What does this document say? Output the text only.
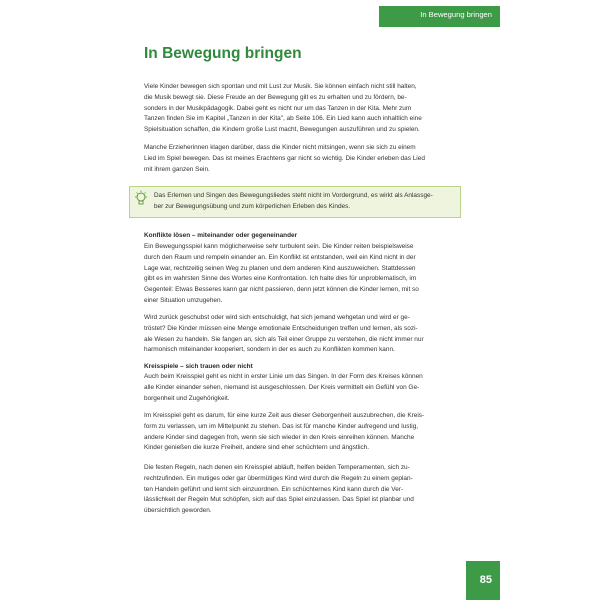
In Bewegung bringen
In Bewegung bringen
Viele Kinder bewegen sich spontan und mit Lust zur Musik. Sie können einfach nicht still halten,
die Musik bewegt sie. Diese Freude an der Bewegung gilt es zu erhalten und zu fördern, be-
sonders in der Musikpädagogik. Dabei geht es nicht nur um das Tanzen in der Kita. Mehr zum
Tanzen finden Sie im Kapitel „Tanzen in der Kita", ab Seite 106. Ein Lied kann auch inhaltlich eine
Spielsituation schaffen, die Kindern große Lust macht, Bewegungen auszuführen und zu spielen.
Manche Erzieherinnen klagen darüber, dass die Kinder nicht mitsingen, wenn sie sich zu einem
Lied im Spiel bewegen. Das ist meines Erachtens gar nicht so wichtig. Die Kinder erleben das Lied
mit ihrem ganzen Sein.
Das Erlernen und Singen des Bewegungsliedes steht nicht im Vordergrund, es wirkt als Anlassge-
ber zur Bewegungsübung und zum körperlichen Erleben des Kindes.
Konflikte lösen – miteinander oder gegeneinander
Ein Bewegungsspiel kann möglicherweise sehr turbulent sein. Die Kinder reiten beispielsweise
durch den Raum und rempeln einander an. Ein Konflikt ist entstanden, weil ein Kind nicht in der
Lage war, rechtzeitig seinen Weg zu planen und dem anderen Kind auszuweichen. Stattdessen
gibt es im wahrsten Sinne des Wortes eine Konfrontation. Ich halte dies für unproblematisch, im
Gegenteil: Etwas Besseres kann gar nicht passieren, denn jetzt können die Kinder lernen, mit so
einer Situation umzugehen.
Wird zurück geschubst oder wird sich entschuldigt, hat sich jemand wehgetan und wird er ge-
tröstet? Die Kinder müssen eine Menge emotionale Entscheidungen treffen und lernen, als sozi-
ale Wesen zu handeln. Sie fangen an, sich als Teil einer Gruppe zu verstehen, die nicht immer nur
harmonisch miteinander kooperiert, sondern in der es auch zu Konflikten kommen kann.
Kreisspiele – sich trauen oder nicht
Auch beim Kreisspiel geht es nicht in erster Linie um das Singen. In der Form des Kreises können
alle Kinder einander sehen, niemand ist ausgeschlossen. Der Kreis vermittelt ein Gefühl von Ge-
borgenheit und Zugehörigkeit.
Im Kreisspiel geht es darum, für eine kurze Zeit aus dieser Geborgenheit auszubrechen, die Kreis-
form zu verlassen, um im Mittelpunkt zu stehen. Das ist für manche Kinder aufregend und lustig,
andere Kinder sind dagegen froh, wenn sie sich wieder in den Kreis einreihen können. Manche
Kinder genießen die kurze Freiheit, andere sind eher schüchtern und ängstlich.
Die festen Regeln, nach denen ein Kreisspiel abläuft, helfen beiden Temperamenten, sich zu-
rechtzufinden. Ein mutiges oder gar übermütiges Kind wird durch die Regeln zu einem geplan-
ten Handeln geführt und lernt sich einzuordnen. Ein schüchternes Kind kann durch die Ver-
lässlichkeit der Regeln Mut schöpfen, sich auf das Spiel einzulassen. Das Spiel ist planbar und
übersichtlich geworden.
85
